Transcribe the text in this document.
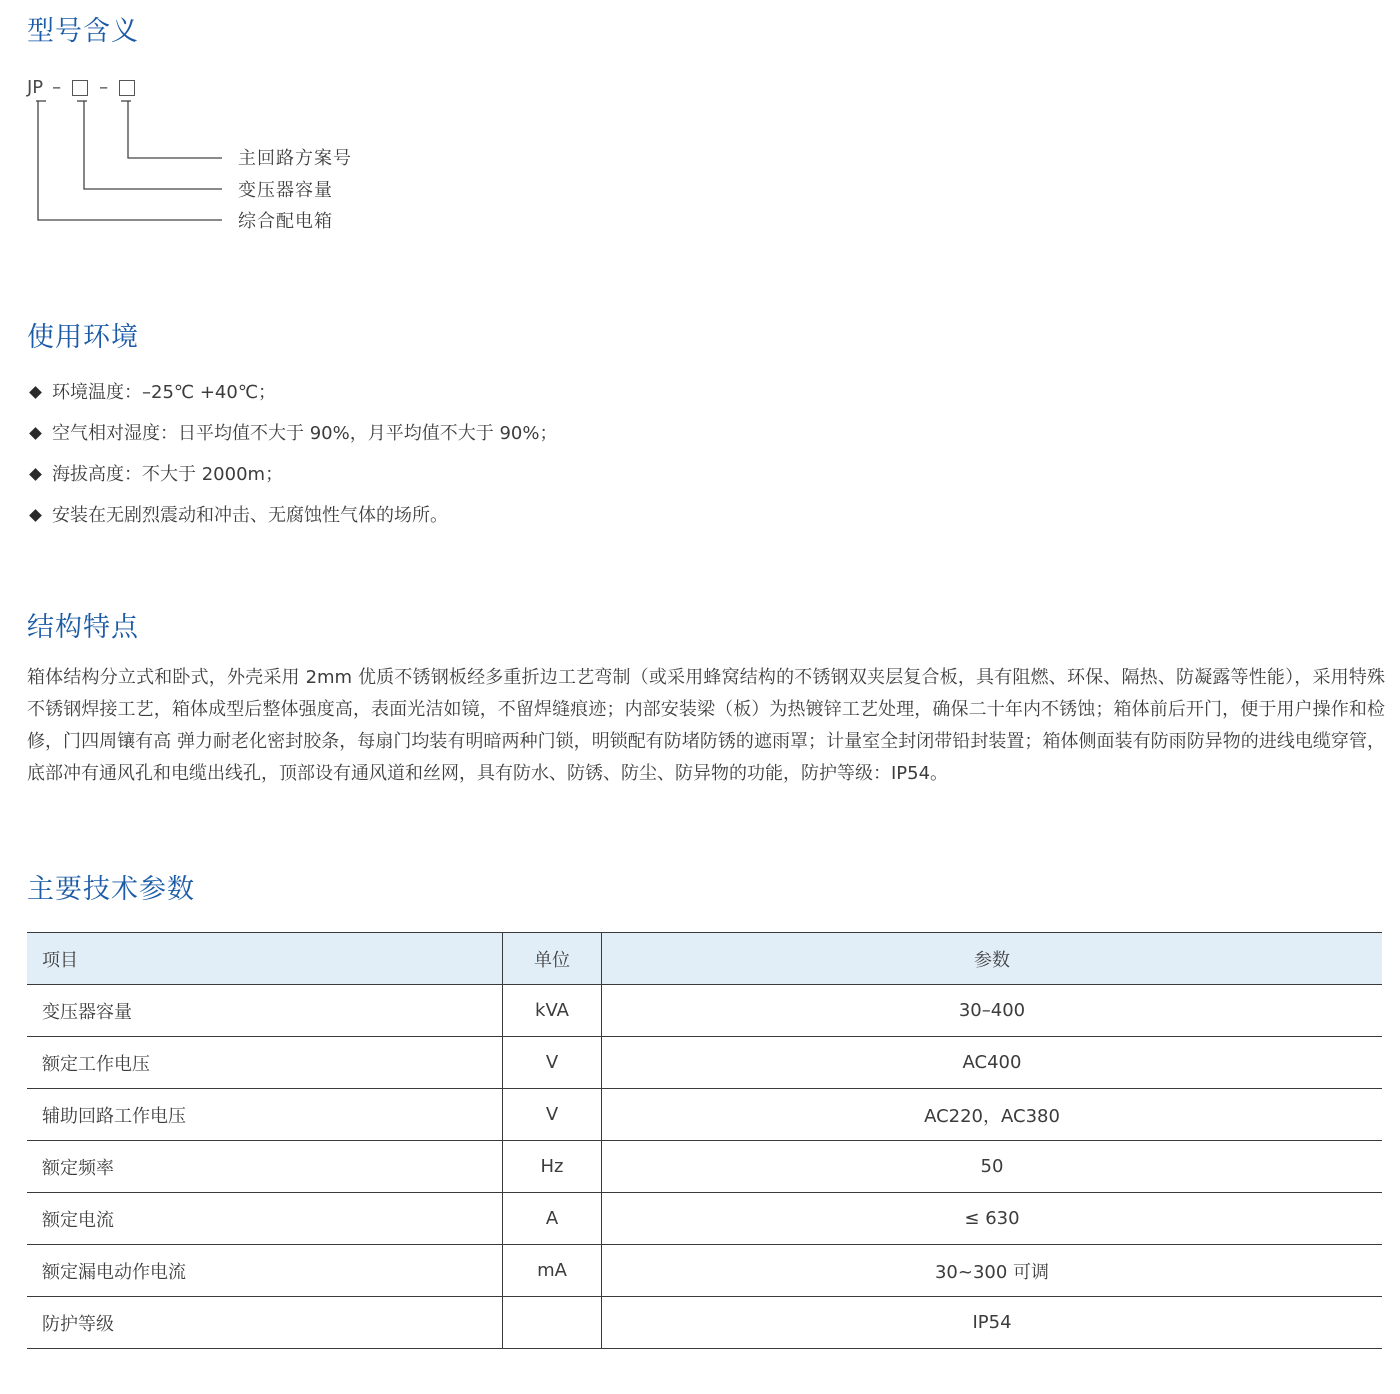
型号含义
JP – –

主回路方案号

变压器容量

综合配电箱

使用环境
环境温度：–25℃ +40℃；
空气相对湿度：日平均值不大于 90%，月平均值不大于 90%；
海拔高度：不大于 2000m；
安装在无剧烈震动和冲击、无腐蚀性气体的场所。
结构特点

箱体结构分立式和卧式，外壳采用 2mm 优质不锈钢板经多重折边工艺弯制（或采用蜂窝结构的不锈钢双夹层复合板，具有阻燃、环保、隔热、防凝露等性能），采用特殊不锈钢焊接工艺，箱体成型后整体强度高，表面光洁如镜，不留焊缝痕迹；内部安装梁（板）为热镀锌工艺处理，确保二十年内不锈蚀；箱体前后开门，便于用户操作和检修，门四周镶有高 弹力耐老化密封胶条，每扇门均装有明暗两种门锁，明锁配有防堵防锈的遮雨罩；计量室全封闭带铅封装置；箱体侧面装有防雨防异物的进线电缆穿管，底部冲有通风孔和电缆出线孔，顶部设有通风道和丝网，具有防水、防锈、防尘、防异物的功能，防护等级：IP54。

主要技术参数
项目	单位	参数
变压器容量	kVA	30–400
额定工作电压	V	AC400
辅助回路工作电压	V	AC220，AC380
额定频率	Hz	50
额定电流	A	≤ 630
额定漏电动作电流	mA	30~300 可调
防护等级		IP54
